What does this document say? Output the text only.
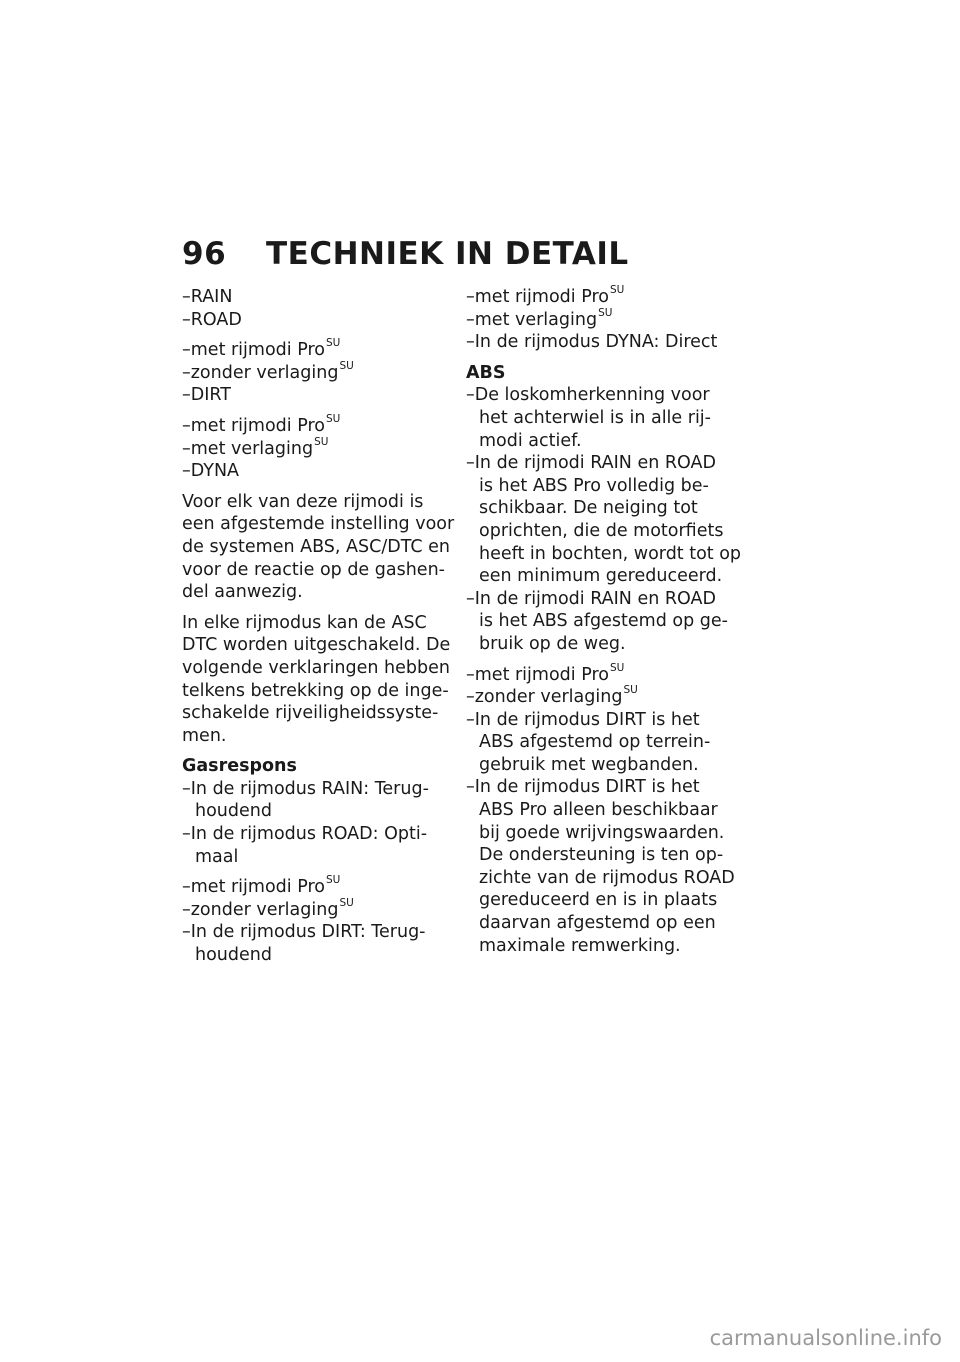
96	TECHNIEK IN DETAIL
–RAIN
–ROAD
–met rijmodi Pro$^{SU}$
–zonder verlaging$^{SU}$
–DIRT
–met rijmodi Pro$^{SU}$
–met verlaging$^{SU}$
–DYNA
Voor elk van deze rijmodi is
een afgestemde instelling voor
de systemen ABS, ASC/DTC en
voor de reactie op de gashen-
del aanwezig.
In elke rijmodus kan de ASC
DTC worden uitgeschakeld. De
volgende verklaringen hebben
telkens betrekking op de inge-
schakelde rijveiligheidssyste-
men.
Gasrespons
–In de rijmodus RAIN: Terug-
houdend
–In de rijmodus ROAD: Opti-
maal
–met rijmodi Pro$^{SU}$
–zonder verlaging$^{SU}$
–In de rijmodus DIRT: Terug-
houdend
–met rijmodi Pro$^{SU}$
–met verlaging$^{SU}$
–In de rijmodus DYNA: Direct
ABS
–De loskomherkenning voor
het achterwiel is in alle rij-
modi actief.
–In de rijmodi RAIN en ROAD
is het ABS Pro volledig be-
schikbaar. De neiging tot
oprichten, die de motorfiets
heeft in bochten, wordt tot op
een minimum gereduceerd.
–In de rijmodi RAIN en ROAD
is het ABS afgestemd op ge-
bruik op de weg.
–met rijmodi Pro$^{SU}$
–zonder verlaging$^{SU}$
–In de rijmodus DIRT is het
ABS afgestemd op terrein-
gebruik met wegbanden.
–In de rijmodus DIRT is het
ABS Pro alleen beschikbaar
bij goede wrijvingswaarden.
De ondersteuning is ten op-
zichte van de rijmodus ROAD
gereduceerd en is in plaats
daarvan afgestemd op een
maximale remwerking.
carmanualsonline.info
